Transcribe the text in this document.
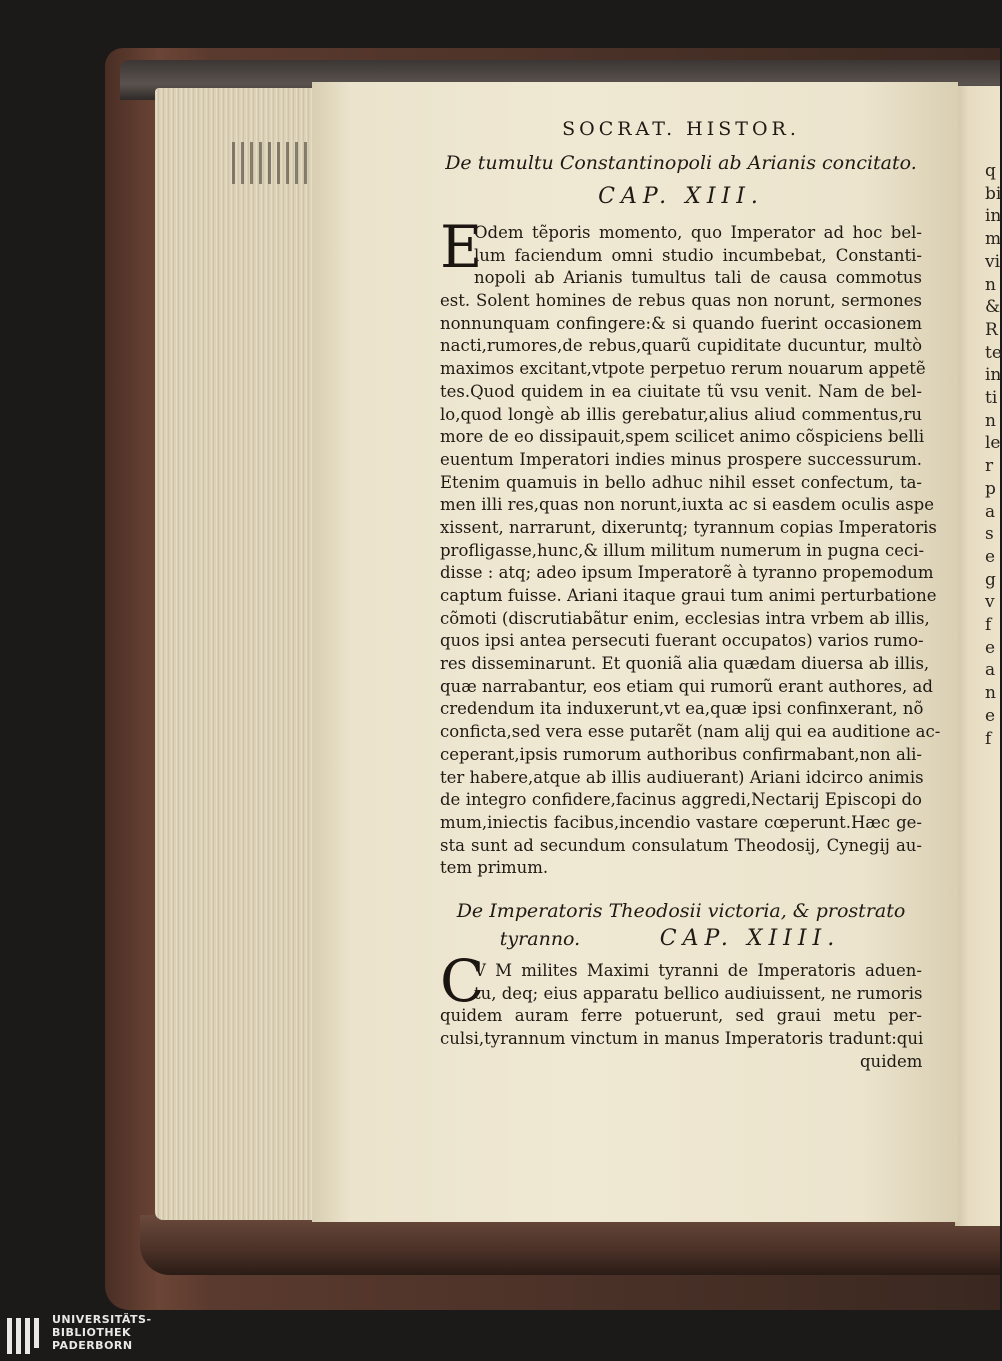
q
bi
in
m
vi
n
&
R
te
in
ti
n
le
r
p
a
s
e
g
v
f
e
a
n
e
f
SOCRAT. HISTOR.
De tumultu Constantinopoli ab Arianis concitato.
CAP. XIII.
E
Odem tẽporis momento, quo Imperator ad hoc bel-
lum faciendum omni studio incumbebat, Constanti-
nopoli ab Arianis tumultus tali de causa commotus
est. Solent homines de rebus quas non norunt, sermones
nonnunquam confingere:& si quando fuerint occasionem
nacti,rumores,de rebus,quarũ cupiditate ducuntur, multò
maximos excitant,vtpote perpetuo rerum nouarum appetẽ
tes.Quod quidem in ea ciuitate tũ vsu venit. Nam de bel-
lo,quod longè ab illis gerebatur,alius aliud commentus,ru
more de eo dissipauit,spem scilicet animo cõspiciens belli
euentum Imperatori indies minus prospere successurum.
Etenim quamuis in bello adhuc nihil esset confectum, ta-
men illi res,quas non norunt,iuxta ac si easdem oculis aspe
xissent, narrarunt, dixeruntq; tyrannum copias Imperatoris
profligasse,hunc,& illum militum numerum in pugna ceci-
disse : atq; adeo ipsum Imperatorẽ à tyranno propemodum
captum fuisse. Ariani itaque graui tum animi perturbatione
cõmoti (discrutiabãtur enim, ecclesias intra vrbem ab illis,
quos ipsi antea persecuti fuerant occupatos) varios rumo-
res disseminarunt. Et quoniã alia quædam diuersa ab illis,
quæ narrabantur, eos etiam qui rumorũ erant authores, ad
credendum ita induxerunt,vt ea,quæ ipsi confinxerant, nõ
conficta,sed vera esse putarẽt (nam alij qui ea auditione ac-
ceperant,ipsis rumorum authoribus confirmabant,non ali-
ter habere,atque ab illis audiuerant) Ariani idcirco animis
de integro confidere,facinus aggredi,Nectarij Episcopi do
mum,iniectis facibus,incendio vastare cœperunt.Hæc ge-
sta sunt ad secundum consulatum Theodosij, Cynegij au-
tem primum.
De Imperatoris Theodosii victoria, & prostrato
tyranno.	CAP. XIIII.
C
V M milites Maximi tyranni de Imperatoris aduen-
tu, deq; eius apparatu bellico audiuissent, ne rumoris
quidem auram ferre potuerunt, sed graui metu per-
culsi,tyrannum vinctum in manus Imperatoris tradunt:qui
quidem
UNIVERSITÄTS-
BIBLIOTHEK
PADERBORN
